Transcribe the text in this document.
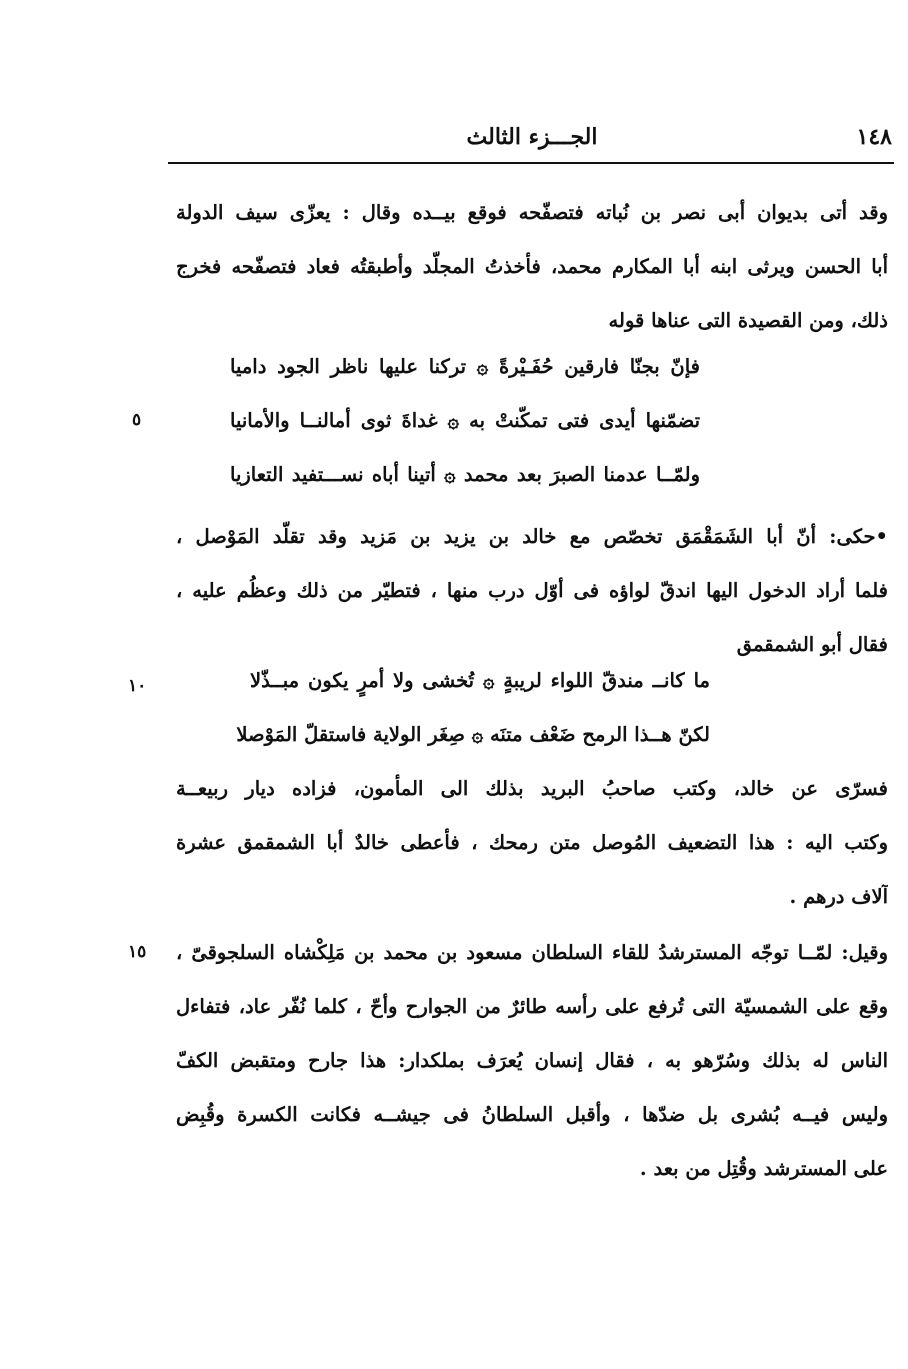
١٤٨
الجـــزء الثالث
وقد أتى بديوان أبى نصر بن نُباته فتصفّحه فوقع بيــده وقال : يعزّى سيف الدولة
أبا الحسن ويرثى ابنه أبا المكارم محمد، فأخذتُ المجلّد وأطبقتُه فعاد فتصفّحه فخرج
ذلك، ومن القصيدة التى عناها قوله
فإنّ بجنّا فارقين حُفَـيْرةً ۞ تركنا عليها ناظر الجود داميا
تضمّنها أيدى فتى تمكّنتْ به ۞ غداةَ ثوى أمالنــا والأمانيا
ولمّــا عدمنا الصبرَ بعد محمد ۞ أتينا أباه نســـتفيد التعازيا
•حكى: أنّ أبا الشَمَقْمَق تخصّص مع خالد بن يزيد بن مَزيد وقد تقلّد المَوْصل ،
فلما أراد الدخول اليها اندقّ لواؤه فى أوّل درب منها ، فتطيّر من ذلك وعظُم عليه ،
فقال أبو الشمقمق
ما كانــ مندقّ اللواء لريبةٍ ۞ تُخشى ولا أمرٍ يكون مبــذّلا
لكنّ هــذا الرمح ضَعْف متنَه ۞ صِغَر الولاية فاستقلّ المَوْصلا
فسرّى عن خالد، وكتب صاحبُ البريد بذلك الى المأمون، فزاده ديار ربيعــة
وكتب اليه : هذا التضعيف المُوصل متن رمحك ، فأعطى خالدٌ أبا الشمقمق عشرة
آلاف درهم .
وقيل: لمّــا توجّه المسترشدُ للقاء السلطان مسعود بن محمد بن مَلِكْشاه السلجوقىّ ،
وقع على الشمسيّة التى تُرفع على رأسه طائرٌ من الجوارح وأحّ ، كلما نُفّر عاد، فتفاءل
الناس له بذلك وسُرّهو به ، فقال إنسان يُعرَف بملكدار: هذا جارح ومتقبض الكفّ
وليس فيــه بُشرى بل ضدّها ، وأقبل السلطانُ فى جيشــه فكانت الكسرة وقُبِض
على المسترشد وقُتِل من بعد .
٥
١٠
١٥
